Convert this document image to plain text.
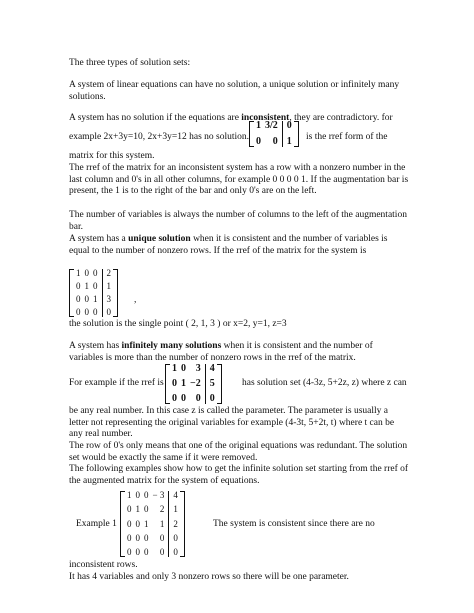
The three types of solution sets:

A system of linear equations can have no solution, a unique solution or infinitely many solutions.

A system has no solution if the equations are inconsistent, they are contradictory. for
example 2x+3y=10, 2x+3y=12 has no solution.
1
0
3/2
0
0
1 is the rref form of the
matrix for this system.

The rref of the matrix for an inconsistent system has a row with a nonzero number in the last column and 0's in all other columns, for example 0 0 0 0 1. If the augmentation bar is present, the 1 is to the right of the bar and only 0's are on the left.

The number of variables is always the number of columns to the left of the augmentation bar.

A system has a unique solution when it is consistent and the number of variables is equal to the number of nonzero rows. If the rref of the matrix for the system is

1
0
0
0
0
1
0
0
0
0
1
0
2
1
3
0
,
the solution is the single point ( 2, 1, 3 ) or x=2, y=1, z=3

A system has infinitely many solutions when it is consistent and the number of variables is more than the number of nonzero rows in the rref of the matrix.

For example if the rref is
1
0
0
0
1
0
3
−2
0
4
5
0
has solution set (4-3z, 5+2z, z) where z can

be any real number. In this case z is called the parameter. The parameter is usually a letter not representing the original variables for example (4-3t, 5+2t, t) where t can be any real number.

The row of 0's only means that one of the original equations was redundant. The solution set would be exactly the same if it were removed.

The following examples show how to get the infinite solution set starting from the rref of the augmented matrix for the system of equations.

Example 1
1
0
0
0
0
0
1
0
0
0
0
0
1
0
0
− 3
2
1
0
0
4
1
2
0
0
The system is consistent since there are no
inconsistent rows.
It has 4 variables and only 3 nonzero rows so there will be one parameter.
